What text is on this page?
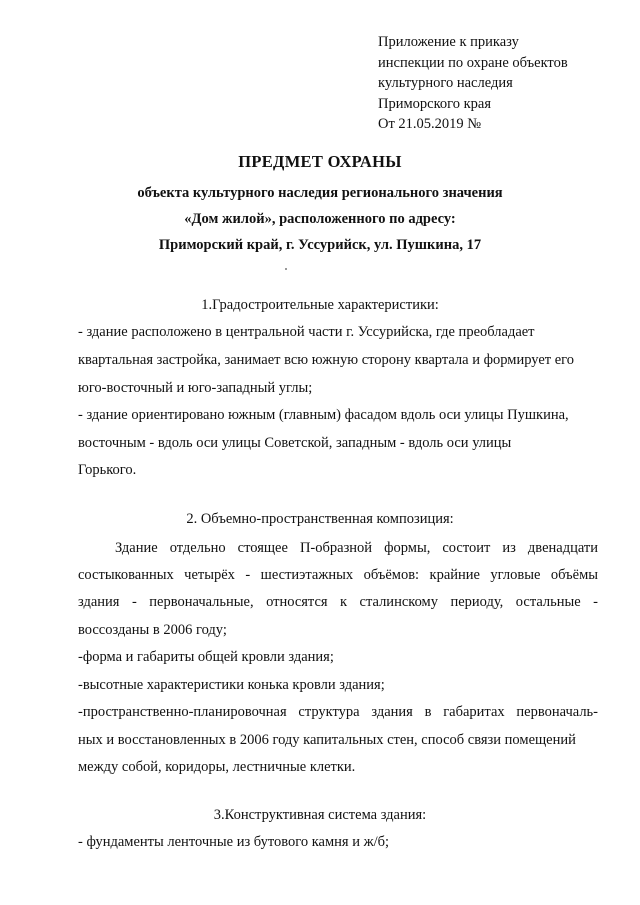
Приложение к приказу
инспекции по охране объектов
культурного наследия
Приморского края
От 21.05.2019 №
ПРЕДМЕТ ОХРАНЫ
объекта культурного наследия регионального значения
«Дом жилой», расположенного по адресу:
Приморский край, г. Уссурийск, ул. Пушкина, 17
1.Градостроительные характеристики:
- здание расположено в центральной части г. Уссурийска, где преобладает
квартальная застройка, занимает всю южную сторону квартала и формирует его
юго-восточный и юго-западный углы;
- здание ориентировано южным (главным) фасадом вдоль оси улицы Пушкина,
восточным - вдоль оси улицы Советской, западным - вдоль оси улицы
Горького.
2. Объемно-пространственная композиция:
Здание отдельно стоящее П-образной формы, состоит из двенадцати
состыкованных четырёх - шестиэтажных объёмов: крайние угловые объёмы
здания - первоначальные, относятся к сталинскому периоду, остальные -
воссозданы в 2006 году;
-форма и габариты общей кровли здания;
-высотные характеристики конька кровли здания;
-пространственно-планировочная структура здания в габаритах первоначаль-
ных и восстановленных в 2006 году капитальных стен, способ связи помещений
между собой, коридоры, лестничные клетки.
3.Конструктивная система здания:
- фундаменты ленточные из бутового камня и ж/б;
